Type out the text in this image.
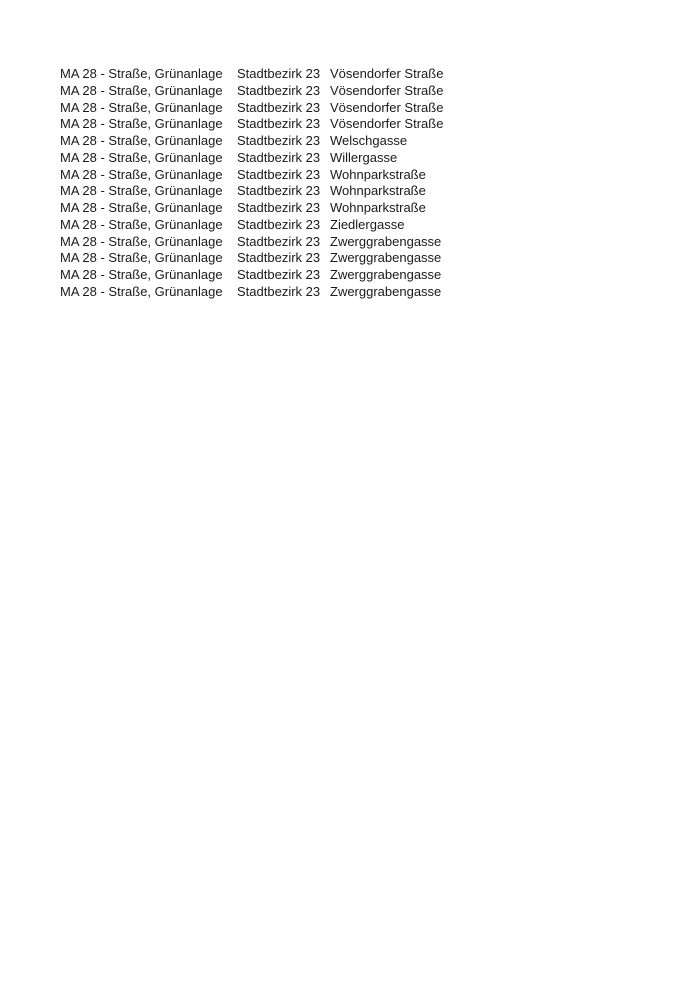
MA 28 - Straße, Grünanlage	Stadtbezirk 23 Vösendorfer Straße
MA 28 - Straße, Grünanlage	Stadtbezirk 23 Vösendorfer Straße
MA 28 - Straße, Grünanlage	Stadtbezirk 23 Vösendorfer Straße
MA 28 - Straße, Grünanlage	Stadtbezirk 23 Vösendorfer Straße
MA 28 - Straße, Grünanlage	Stadtbezirk 23 Welschgasse
MA 28 - Straße, Grünanlage	Stadtbezirk 23 Willergasse
MA 28 - Straße, Grünanlage	Stadtbezirk 23 Wohnparkstraße
MA 28 - Straße, Grünanlage	Stadtbezirk 23 Wohnparkstraße
MA 28 - Straße, Grünanlage	Stadtbezirk 23 Wohnparkstraße
MA 28 - Straße, Grünanlage	Stadtbezirk 23 Ziedlergasse
MA 28 - Straße, Grünanlage	Stadtbezirk 23 Zwerggrabengasse
MA 28 - Straße, Grünanlage	Stadtbezirk 23 Zwerggrabengasse
MA 28 - Straße, Grünanlage	Stadtbezirk 23 Zwerggrabengasse
MA 28 - Straße, Grünanlage	Stadtbezirk 23 Zwerggrabengasse
